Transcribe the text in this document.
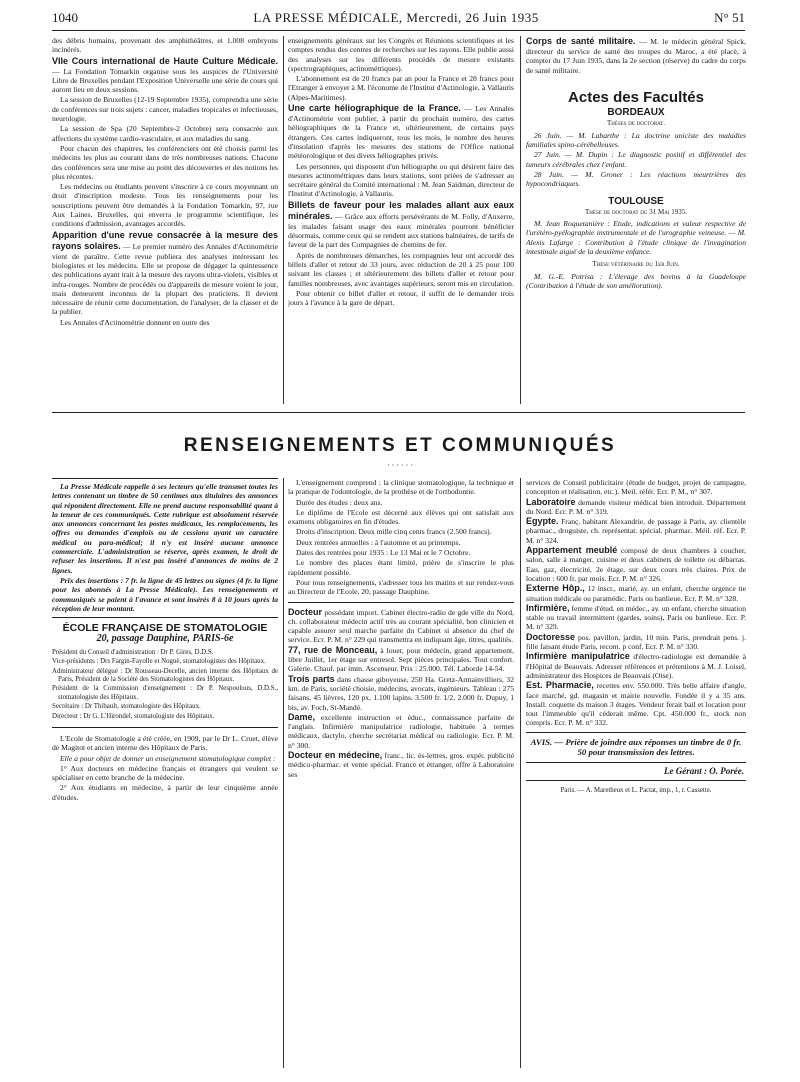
1040	LA PRESSE MÉDICALE, Mercredi, 26 Juin 1935	N° 51

des débris humains, provenant des amphithéâtres, et 1.008 embryons incinérés.

VIIe Cours international de Haute Culture Médicale. — La Fondation Tomarkin organise sous les auspices de l'Université Libre de Bruxelles pendant l'Exposition Universelle une série de cours qui auront lieu en deux sessions.

La session de Bruxelles (12-19 Septembre 1935), comprendra une série de conférences sur trois sujets : cancer, maladies tropicales et infectieuses, neurologie.

La session de Spa (20 Septembre-2 Octobre) sera consacrée aux affections du système cardio-vasculaire, et aux maladies du sang.

Pour chacun des chapitres, les conférenciers ont été choisis parmi les médecins les plus au courant dans de très nombreuses nations. Chacune des conférences sera une mise au point des découvertes et des notions les plus récentes.

Les médecins ou étudiants peuvent s'inscrire à ce cours moyennant un droit d'inscription modeste. Tous les renseignements pour les souscriptions peuvent être demandés à la Fondation Tomarkin, 97, rue Aux Laines, Bruxelles, qui enverra le programme scientifique, les conditions d'admission, avantages accordés.

Apparition d'une revue consacrée à la mesure des rayons solaires. — Le premier numéro des Annales d'Actinométrie vient de paraître. Cette revue publiera des analyses intéressant les biologistes et les médecins. Elle se propose de dégager la quintessence des publications ayant trait à la mesure des rayons ultra-violets, visibles et infra-rouges. Nombre de procédés ou d'appareils de mesure voient le jour, mais demeurent inconnus de la plupart des praticiens. Il devient nécessaire de réunir cette documentation, de l'analyser, de la classer et de la publier.

Les Annales d'Actinométrie donnent en outre des

enseignements généraux sur les Congrès et Réunions scientifiques et les comptes rendus des centres de recherches sur les rayons. Elle publie aussi des analyses sur les différents procédés de mesure existants (spectrographiques, actinométriques).

L'abonnement est de 20 francs par an pour la France et 28 francs pour l'Etranger à envoyer à M. l'économe de l'Institut d'Actinologie, à Vallauris (Alpes-Maritimes).

Une carte héliographique de la France. — Les Annales d'Actinométrie vont publier, à partir du prochain numéro, des cartes héliographiques de la France et, ultérieurement, de certains pays étrangers. Ces cartes indiqueront, tous les mois, le nombre des heures d'insolation d'après les mesures des stations de l'Office national météorologique et des divers héliographes privés.

Les personnes, qui disposent d'un héliographe ou qui désirent faire des mesures actinométriques dans leurs stations, sont priées de s'adresser au secrétaire général du Comité international : M. Jean Saidman, directeur de l'Institut d'Actinologie, à Vallauris.

Billets de faveur pour les malades allant aux eaux minérales. — Grâce aux efforts persévérants de M. Folly, d'Auxerre, les malades faisant usage des eaux minérales pourront bénéficier désormais, comme ceux qui se rendent aux stations balnéaires, de tarifs de faveur de la part des Compagnies de chemins de fer.

Après de nombreuses démarches, les compagnies leur ont accordé des billets d'aller et retour de 33 jours, avec réduction de 20 à 25 pour 100 suivant les classes ; et ultérieurement des billets d'aller et retour pour familles nombreuses, avec avantages supérieurs, seront mis en circulation.

Pour obtenir ce billet d'aller et retour, il suffit de le demander trois jours à l'avance à la gare de départ.

Corps de santé militaire. — M. le médecin général Spick, directeur du service de santé des troupes du Maroc, a été placé, à compter du 17 Juin 1935, dans la 2e section (réserve) du cadre du corps de santé militaire.

Actes des Facultés
BORDEAUX
Thèses de doctorat.

26 Juin. — M. Labarthe : La doctrine uniciste des maladies familiales spino-cérébelleuses.

27 Juin. — M. Dupin : Le diagnostic positif et différentiel des tumeurs cérébrales chez l'enfant.

28 Juin. — M. Groner : Les réactions meurtrières des hypocondriaques.

TOULOUSE
Thèse de doctorat du 31 Mai 1935.

M. Jean Roquetanière : Etude, indications et valeur respective de l'urétéro-pyélographie instrumentale et de l'urographie veineuse. — M. Alexis Lafarge : Contribution à l'étude clinique de l'invagination intestinale aiguë de la deuxième enfance.

Thèse vétérinaire du 1er Juin.

M. G.-E. Potrisa : L'élevage des bovins à la Guadeloupe (Contribution à l'étude de son amélioration).

RENSEIGNEMENTS ET COMMUNIQUÉS
· · · · · ·

La Presse Médicale rappelle à ses lecteurs qu'elle transmet toutes les lettres contenant un timbre de 50 centimes aux titulaires des annonces qui répondent directement. Elle ne prend aucune responsabilité quant à la teneur de ces communiqués. Cette rubrique est absolument réservée aux annonces concernant les postes médicaux, les remplacements, les offres ou demandes d'emplois ou de cessions ayant un caractère médical ou para-médical; il n'y est inséré aucune annonce commerciale. L'administration se réserve, après examen, le droit de refuser les insertions. Il n'est pas inséré d'annonces de moins de 2 lignes.

Prix des insertions : 7 fr. la ligne de 45 lettres ou signes (4 fr. la ligne pour les abonnés à La Presse Médicale). Les renseignements et communiqués se paient à l'avance et sont insérés 8 à 10 jours après la réception de leur montant.

ÉCOLE FRANÇAISE DE STOMATOLOGIE
20, passage Dauphine, PARIS-6e
Président du Conseil d'administration : Dr P. Gires, D.D.S.
Vice-présidents : Drs Fargin-Fayolle et Noguè, stomatologistes des Hôpitaux.
Administrateur délégué : Dr Rousseau-Decelle, ancien interne des Hôpitaux de Paris, Président de la Société des Stomatologistes des Hôpitaux.
Président de la Commission d'enseignement : Dr P. Nespoulous, D.D.S., stomatologiste des Hôpitaux.
Secrétaire : Dr Thibault, stomatologiste des Hôpitaux.
Directeur : Dr G. L'Hirondel, stomatologiste des Hôpitaux.

L'Ecole de Stomatologie a été créée, en 1909, par le Dr L. Cruet, élève de Magitot et ancien interne des Hôpitaux de Paris.

Elle a pour objet de donner un enseignement stomatologique complet :

1° Aux docteurs en médecine français et étrangers qui veulent se spécialiser en cette branche de la médecine.

2° Aux étudiants en médecine, à partir de leur cinquième année d'études.

L'enseignement comprend : la clinique stomatologique, la technique et la pratique de l'odontologie, de la prothèse et de l'orthodontie.

Durée des études : deux ans.

Le diplôme de l'Ecole est décerné aux élèves qui ont satisfait aux examens obligatoires en fin d'études.

Droits d'inscription. Deux mille cinq cents francs (2.500 francs).

Deux rentrées annuelles : à l'automne et au printemps.

Dates des rentrées pour 1935 : Le 13 Mai et le 7 Octobre.

Le nombre des places étant limité, prière de s'inscrire le plus rapidement possible.

Pour tous renseignements, s'adresser tous les matins et sur rendez-vous au Directeur de l'Ecole, 20, passage Dauphine.

Docteur possédant import. Cabinet électro-radio de gde ville du Nord, ch. collaborateur médecin actif très au courant spécialité, bon clinicien et capable assurer seul marche parfaite du Cabinet si absence du chef de service. Ecr. P. M. n° 229 qui transmettra en indiquant âge, titres, qualités.

77, rue de Monceau, à louer, pour médecin, grand appartement, libre Juillet, 1er étage sur entresol. Sept pièces principales. Tout confort. Galerie. Chauf. par imm. Ascenseur. Prix : 25.000. Tél. Laborde 14-54.

Trois parts dans chasse giboyeuse, 250 Ha. Gretz-Armainvilliers, 32 km. de Paris, société choisie, médecins, avocats, ingénieurs. Tableau : 275 faisans, 45 lièvres, 120 px, 1.100 lapins. 3.500 fr. 1/2, 2.000 fr. Dupuy, 1 bis, av. Foch, St-Mandé.

Dame, excellente instruction et éduc., connaissance parfaite de l'anglais. Infirmière manipulatrice radiologie, habituée à termes médicaux, dactylo, cherche secrétariat médical ou radiologie. Ecr. P. M. n° 300.

Docteur en médecine, franc., lic. ès-lettres, gros. expér. publicité médico-pharmac. et vente spécial. France et étranger, offre à Laboratoire ses

services de Conseil publicitaire (étude de budget, projet de campagne, conception et réalisation, etc.). Meil. référ. Ecr. P. M., n° 307.

Laboratoire demande visiteur médical bien introduit. Département du Nord. Ecr. P. M. n° 319.

Egypte. Franç. habitant Alexandrie, de passage à Paris, ay. clientèle pharmac., droguiste, ch. représentat. spécial. pharmac. Méil. réf. Ecr. P. M. n° 324.

Appartement meublé composé de deux chambres à coucher, salon, salle à manger, cuisine et deux cabinets de toilette ou débarras. Eau, gaz, électricité, 2e étage, sur deux cours très claires. Prix de location : 600 fr. par mois. Ecr. P. M. n° 326.

Externe Hôp., 12 inscr., marié, ay. un enfant, cherche urgence tte situation médicale ou paramédic. Paris ou banlieue. Ecr. P. M. n° 328.

Infirmière, femme d'étud. en médec., ay. un enfant, cherche situation stable ou travail intermittent (gardes, soins), Paris ou banlieue. Ecr. P. M. n° 329.

Doctoresse pos. pavillon, jardin, 10 min. Paris, prendrait pens. j. fille faisant étude Paris, recom. p conf. Ecr. P. M. n° 330.

Infirmière manipulatrice d'électro-radiologie est demandée à l'Hôpital de Beauvais. Adresser références et prétentions à M. J. Loisel, administrateur des Hospices de Beauvais (Oise).

Est. Pharmacie, recettes env. 550.000. Très belle affaire d'angle, face marché, gd. magasin et mairie nouvelle. Fondée il y a 35 ans. Install. coquette ds maison 3 étages. Vendeur ferait bail et location pour tout l'immeuble qu'il céderait même. Cpt. 450.000 fr., stock non compris. Ecr. P. M. n° 332.

AVIS. — Prière de joindre aux réponses un timbre de 0 fr. 50 pour transmission des lettres.
Le Gérant : O. Porée.
Paris. — A. Maretheux et L. Pactat, imp., 1, r. Cassette.
